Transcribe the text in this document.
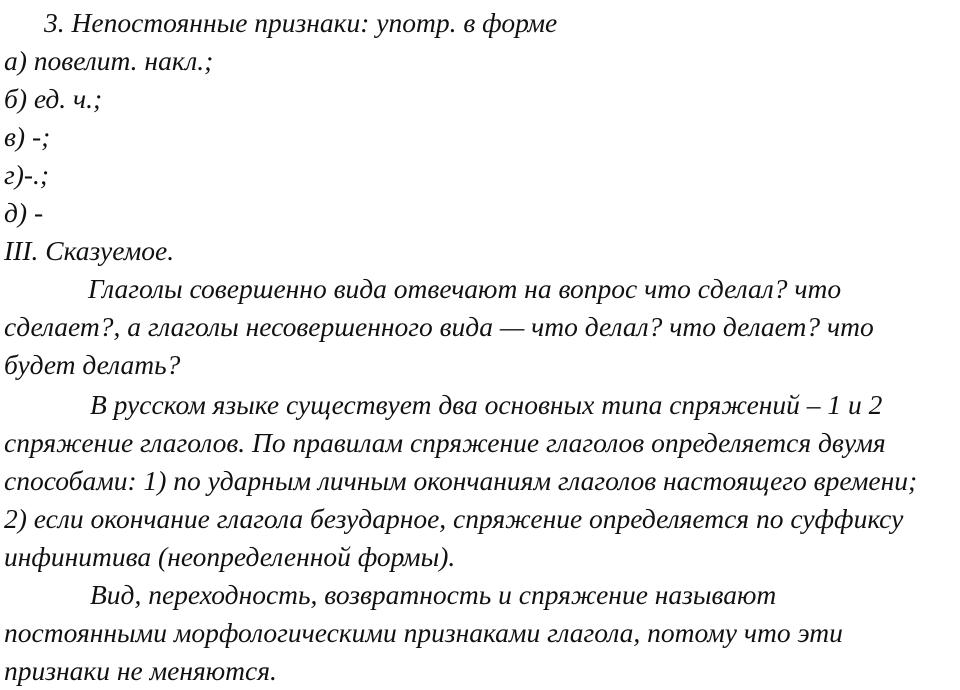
3. Непостоянные признаки: употр. в форме
а) повелит. накл.;
б) ед. ч.;
в) -;
г)-.;
д) -
III. Сказуемое.
Глаголы совершенно вида отвечают на вопрос что сделал? что
сделает?, а глаголы несовершенного вида — что делал? что делает? что
будет делать?
В русском языке существует два основных типа спряжений – 1 и 2
спряжение глаголов. По правилам спряжение глаголов определяется двумя
способами: 1) по ударным личным окончаниям глаголов настоящего времени;
2) если окончание глагола безударное, спряжение определяется по суффиксу
инфинитива (неопределенной формы).
Вид, переходность, возвратность и спряжение называют
постоянными морфологическими признаками глагола, потому что эти
признаки не меняются.
